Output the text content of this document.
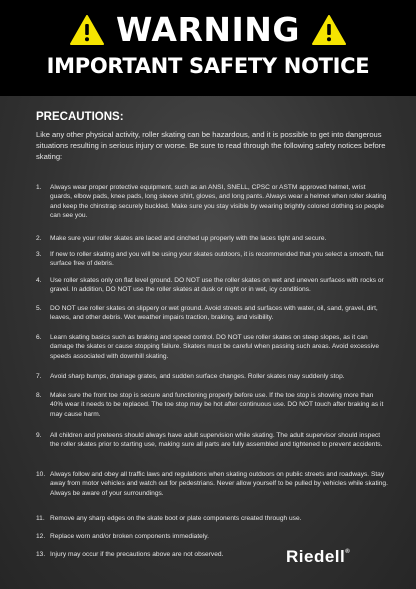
WARNING
IMPORTANT SAFETY NOTICE
PRECAUTIONS:
Like any other physical activity, roller skating can be hazardous, and it is possible to get into dangerous situations resulting in serious injury or worse. Be sure to read through the following safety notices before skating:
1. Always wear proper protective equipment, such as an ANSI, SNELL, CPSC or ASTM approved helmet, wrist guards, elbow pads, knee pads, long sleeve shirt, gloves, and long pants. Always wear a helmet when roller skating and keep the chinstrap securely buckled. Make sure you stay visible by wearing brightly colored clothing so people can see you.
2. Make sure your roller skates are laced and cinched up properly with the laces tight and secure.
3. If new to roller skating and you will be using your skates outdoors, it is recommended that you select a smooth, flat surface free of debris.
4. Use roller skates only on flat level ground. DO NOT use the roller skates on wet and uneven surfaces with rocks or gravel. In addition, DO NOT use the roller skates at dusk or night or in wet, icy conditions.
5. DO NOT use roller skates on slippery or wet ground. Avoid streets and surfaces with water, oil, sand, gravel, dirt, leaves, and other debris. Wet weather impairs traction, braking, and visibility.
6. Learn skating basics such as braking and speed control. DO NOT use roller skates on steep slopes, as it can damage the skates or cause stopping failure. Skaters must be careful when passing such areas. Avoid excessive speeds associated with downhill skating.
7. Avoid sharp bumps, drainage grates, and sudden surface changes. Roller skates may suddenly stop.
8. Make sure the front toe stop is secure and functioning properly before use. If the toe stop is showing more than 40% wear it needs to be replaced. The toe stop may be hot after continuous use. DO NOT touch after braking as it may cause harm.
9. All children and preteens should always have adult supervision while skating. The adult supervisor should inspect the roller skates prior to starting use, making sure all parts are fully assembled and tightened to prevent accidents.
10. Always follow and obey all traffic laws and regulations when skating outdoors on public streets and roadways. Stay away from motor vehicles and watch out for pedestrians. Never allow yourself to be pulled by vehicles while skating. Always be aware of your surroundings.
11. Remove any sharp edges on the skate boot or plate components created through use.
12. Replace worn and/or broken components immediately.
13. Injury may occur if the precautions above are not observed.	Riedell®
